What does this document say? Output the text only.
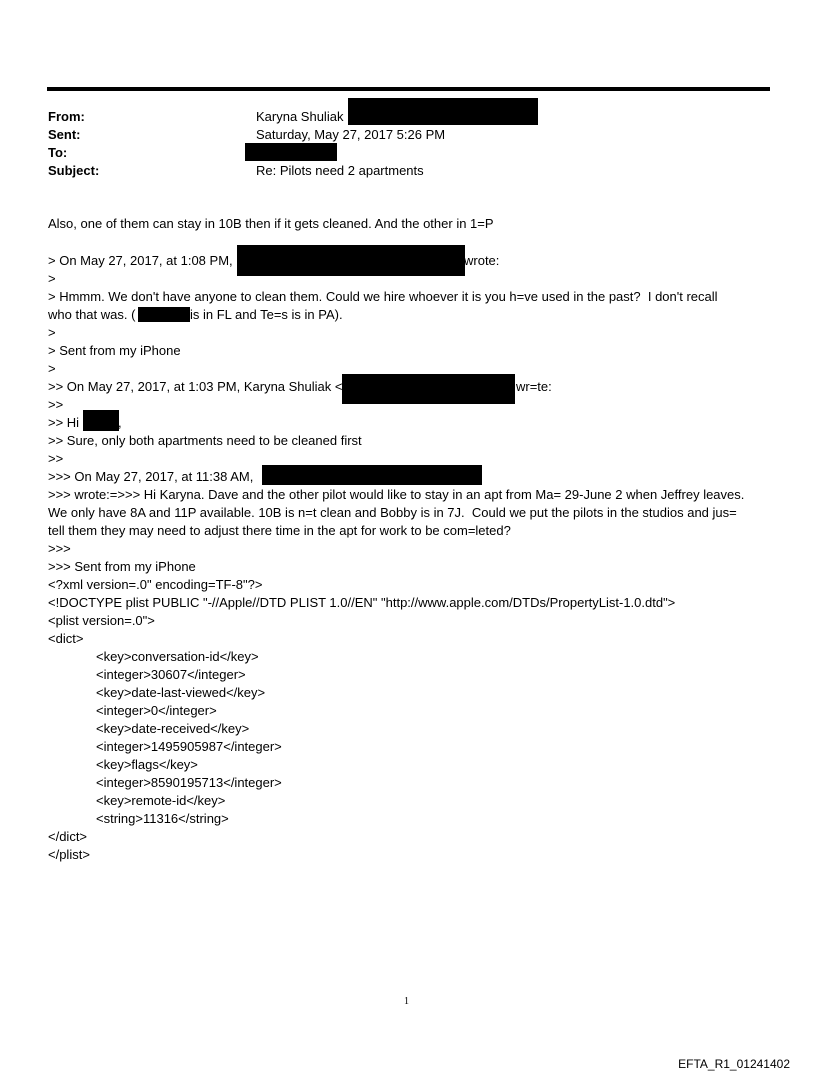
From:	Karyna Shuliak
Sent:	Saturday, May 27, 2017 5:26 PM
To:
Subject:	Re: Pilots need 2 apartments
Also, one of them can stay in 10B then if it gets cleaned. And the other in 1=P
> On May 27, 2017, at 1:08 PM,	wrote:
>
> Hmmm. We don't have anyone to clean them. Could we hire whoever it is you h=ve used in the past?  I don't recall
who that was. (	is in FL and Te=s is in PA).
>
> Sent from my iPhone
>
>> On May 27, 2017, at 1:03 PM, Karyna Shuliak <	wr=te:
>>
>> Hi	,
>> Sure, only both apartments need to be cleaned first
>>
>>> On May 27, 2017, at 11:38 AM,
>>> wrote:=>>> Hi Karyna. Dave and the other pilot would like to stay in an apt from Ma= 29-June 2 when Jeffrey leaves.
We only have 8A and 11P available. 10B is n=t clean and Bobby is in 7J.  Could we put the pilots in the studios and jus=
tell them they may need to adjust there time in the apt for work to be com=leted?
>>>
>>> Sent from my iPhone
<?xml version=.0" encoding=TF-8"?>
<!DOCTYPE plist PUBLIC "-//Apple//DTD PLIST 1.0//EN" "http://www.apple.com/DTDs/PropertyList-1.0.dtd">
<plist version=.0">
<dict>
<key>conversation-id</key>
<integer>30607</integer>
<key>date-last-viewed</key>
<integer>0</integer>
<key>date-received</key>
<integer>1495905987</integer>
<key>flags</key>
<integer>8590195713</integer>
<key>remote-id</key>
<string>11316</string>
</dict>
</plist>
1
EFTA_R1_01241402
